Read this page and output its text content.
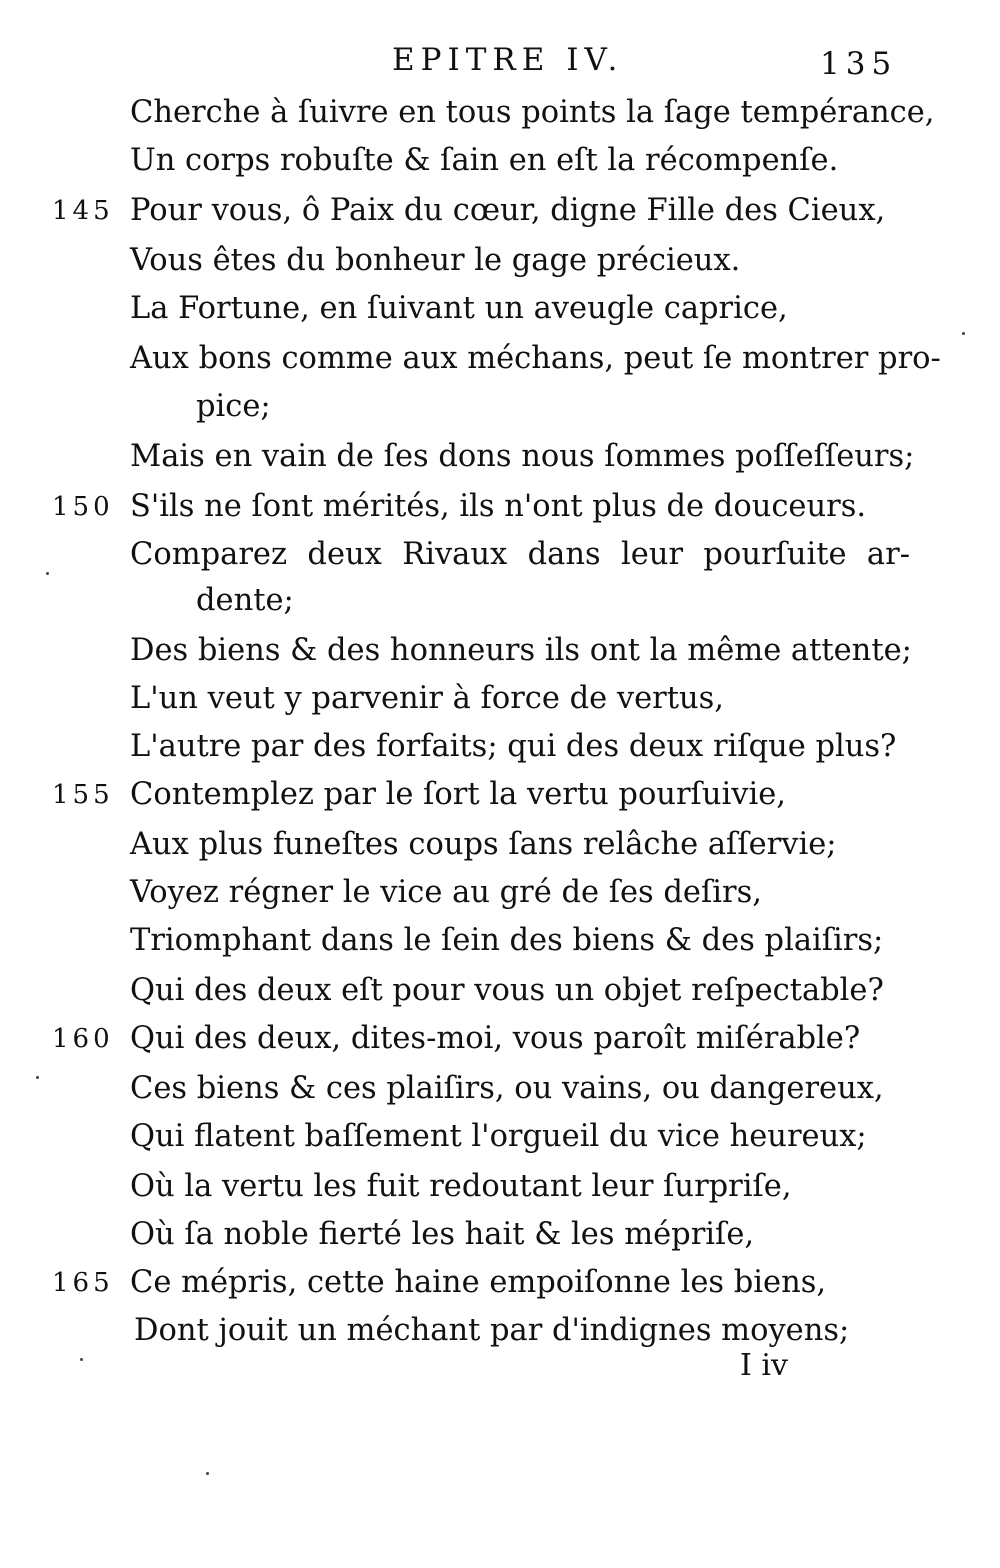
EPITRE IV.	135
Cherche à ſuivre en tous points la ſage tempérance,
Un corps robuſte & ſain en eſt la récompenſe.
145 Pour vous, ô Paix du cœur, digne Fille des Cieux,
Vous êtes du bonheur le gage précieux.
La Fortune, en ſuivant un aveugle caprice,
Aux bons comme aux méchans, peut ſe montrer pro-
pice;
Mais en vain de ſes dons nous ſommes poſſeſſeurs;
150 S'ils ne ſont mérités, ils n'ont plus de douceurs.
Comparez deux Rivaux dans leur pourſuite ar-
dente;
Des biens & des honneurs ils ont la même attente;
L'un veut y parvenir à force de vertus,
L'autre par des forfaits; qui des deux riſque plus?
155 Contemplez par le ſort la vertu pourſuivie,
Aux plus funeſtes coups ſans relâche aſſervie;
Voyez régner le vice au gré de ſes deſirs,
Triomphant dans le ſein des biens & des plaiſirs;
Qui des deux eſt pour vous un objet reſpectable?
160 Qui des deux, dites-moi, vous paroît miſérable?
Ces biens & ces plaiſirs, ou vains, ou dangereux,
Qui flatent baſſement l'orgueil du vice heureux;
Où la vertu les fuit redoutant leur ſurpriſe,
Où ſa noble fierté les hait & les mépriſe,
165 Ce mépris, cette haine empoiſonne les biens,
Dont jouit un méchant par d'indignes moyens;
I iv
